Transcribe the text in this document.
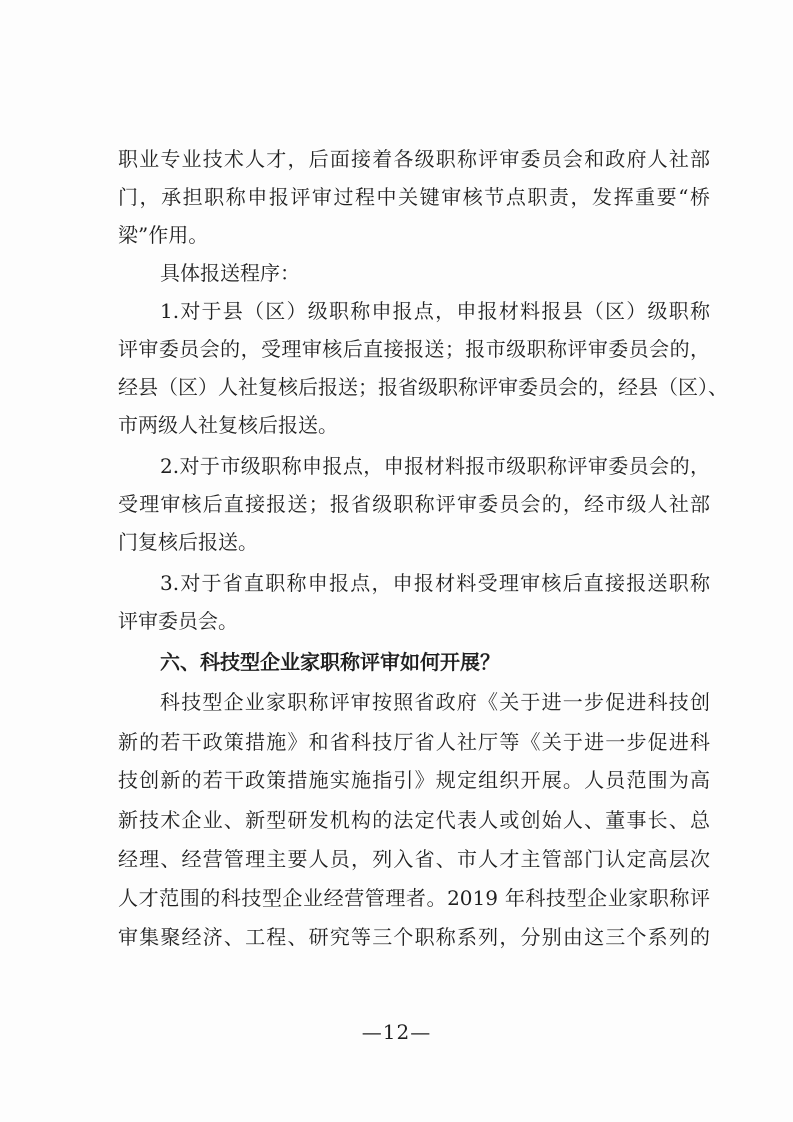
职业专业技术人才，后面接着各级职称评审委员会和政府人社部
门，承担职称申报评审过程中关键审核节点职责，发挥重要“桥
梁”作用。
具体报送程序：
1.对于县（区）级职称申报点，申报材料报县（区）级职称
评审委员会的，受理审核后直接报送；报市级职称评审委员会的，
经县（区）人社复核后报送；报省级职称评审委员会的，经县（区）、
市两级人社复核后报送。
2.对于市级职称申报点，申报材料报市级职称评审委员会的，
受理审核后直接报送；报省级职称评审委员会的，经市级人社部
门复核后报送。
3.对于省直职称申报点，申报材料受理审核后直接报送职称
评审委员会。
六、科技型企业家职称评审如何开展？
科技型企业家职称评审按照省政府《关于进一步促进科技创
新的若干政策措施》和省科技厅省人社厅等《关于进一步促进科
技创新的若干政策措施实施指引》规定组织开展。人员范围为高
新技术企业、新型研发机构的法定代表人或创始人、董事长、总
经理、经营管理主要人员，列入省、市人才主管部门认定高层次
人才范围的科技型企业经营管理者。2019 年科技型企业家职称评
审集聚经济、工程、研究等三个职称系列，分别由这三个系列的
—12—
